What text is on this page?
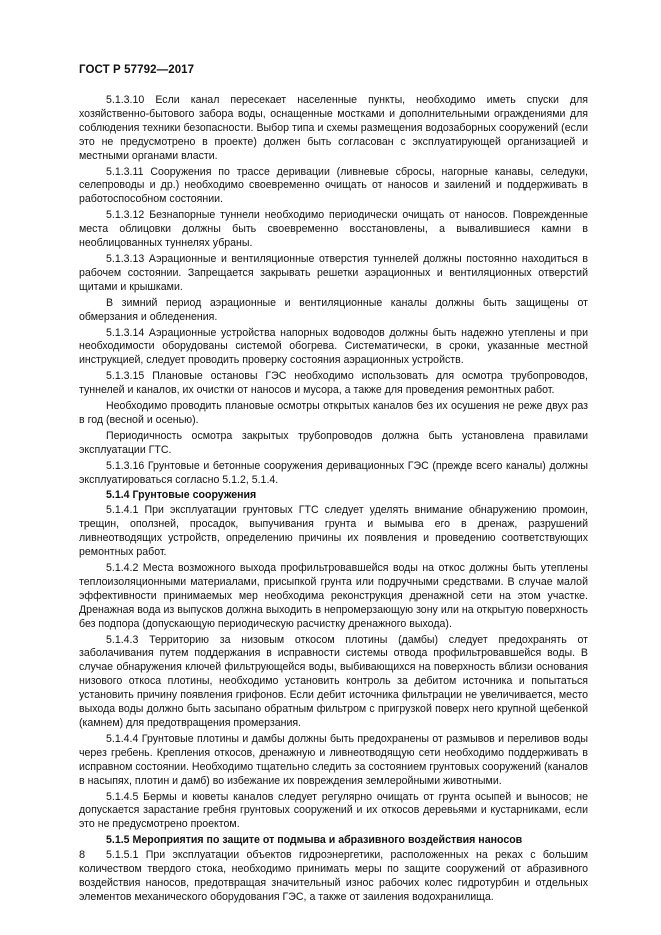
ГОСТ Р 57792—2017

5.1.3.10 Если канал пересекает населенные пункты, необходимо иметь спуски для хозяйственно-бытового забора воды, оснащенные мостками и дополнительными ограждениями для соблюдения техники безопасности. Выбор типа и схемы размещения водозаборных сооружений (если это не предусмотрено в проекте) должен быть согласован с эксплуатирующей организацией и местными органами власти.

5.1.3.11 Сооружения по трассе деривации (ливневые сбросы, нагорные канавы, селедуки, селепроводы и др.) необходимо своевременно очищать от наносов и заилений и поддерживать в работоспособном состоянии.

5.1.3.12 Безнапорные туннели необходимо периодически очищать от наносов. Поврежденные места облицовки должны быть своевременно восстановлены, а вывалившиеся камни в необлицованных туннелях убраны.

5.1.3.13 Аэрационные и вентиляционные отверстия туннелей должны постоянно находиться в рабочем состоянии. Запрещается закрывать решетки аэрационных и вентиляционных отверстий щитами и крышками.

В зимний период аэрационные и вентиляционные каналы должны быть защищены от обмерзания и обледенения.

5.1.3.14 Аэрационные устройства напорных водоводов должны быть надежно утеплены и при необходимости оборудованы системой обогрева. Систематически, в сроки, указанные местной инструкцией, следует проводить проверку состояния аэрационных устройств.

5.1.3.15 Плановые остановы ГЭС необходимо использовать для осмотра трубопроводов, туннелей и каналов, их очистки от наносов и мусора, а также для проведения ремонтных работ.

Необходимо проводить плановые осмотры открытых каналов без их осушения не реже двух раз в год (весной и осенью).

Периодичность осмотра закрытых трубопроводов должна быть установлена правилами эксплуатации ГТС.

5.1.3.16 Грунтовые и бетонные сооружения деривационных ГЭС (прежде всего каналы) должны эксплуатироваться согласно 5.1.2, 5.1.4.

5.1.4 Грунтовые сооружения

5.1.4.1 При эксплуатации грунтовых ГТС следует уделять внимание обнаружению промоин, трещин, оползней, просадок, выпучивания грунта и вымыва его в дренаж, разрушений ливнеотводящих устройств, определению причины их появления и проведению соответствующих ремонтных работ.

5.1.4.2 Места возможного выхода профильтровавшейся воды на откос должны быть утеплены теплоизоляционными материалами, присыпкой грунта или подручными средствами. В случае малой эффективности принимаемых мер необходима реконструкция дренажной сети на этом участке. Дренажная вода из выпусков должна выходить в непромерзающую зону или на открытую поверхность без подпора (допускающую периодическую расчистку дренажного выхода).

5.1.4.3 Территорию за низовым откосом плотины (дамбы) следует предохранять от заболачивания путем поддержания в исправности системы отвода профильтровавшейся воды. В случае обнаружения ключей фильтрующейся воды, выбивающихся на поверхность вблизи основания низового откоса плотины, необходимо установить контроль за дебитом источника и попытаться установить причину появления грифонов. Если дебит источника фильтрации не увеличивается, место выхода воды должно быть засыпано обратным фильтром с пригрузкой поверх него крупной щебенкой (камнем) для предотвращения промерзания.

5.1.4.4 Грунтовые плотины и дамбы должны быть предохранены от размывов и переливов воды через гребень. Крепления откосов, дренажную и ливнеотводящую сети необходимо поддерживать в исправном состоянии. Необходимо тщательно следить за состоянием грунтовых сооружений (каналов в насыпях, плотин и дамб) во избежание их повреждения землеройными животными.

5.1.4.5 Бермы и кюветы каналов следует регулярно очищать от грунта осыпей и выносов; не допускается зарастание гребня грунтовых сооружений и их откосов деревьями и кустарниками, если это не предусмотрено проектом.

5.1.5 Мероприятия по защите от подмыва и абразивного воздействия наносов

5.1.5.1 При эксплуатации объектов гидроэнергетики, расположенных на реках с большим количеством твердого стока, необходимо принимать меры по защите сооружений от абразивного воздействия наносов, предотвращая значительный износ рабочих колес гидротурбин и отдельных элементов механического оборудования ГЭС, а также от заиления водохранилища.

8
